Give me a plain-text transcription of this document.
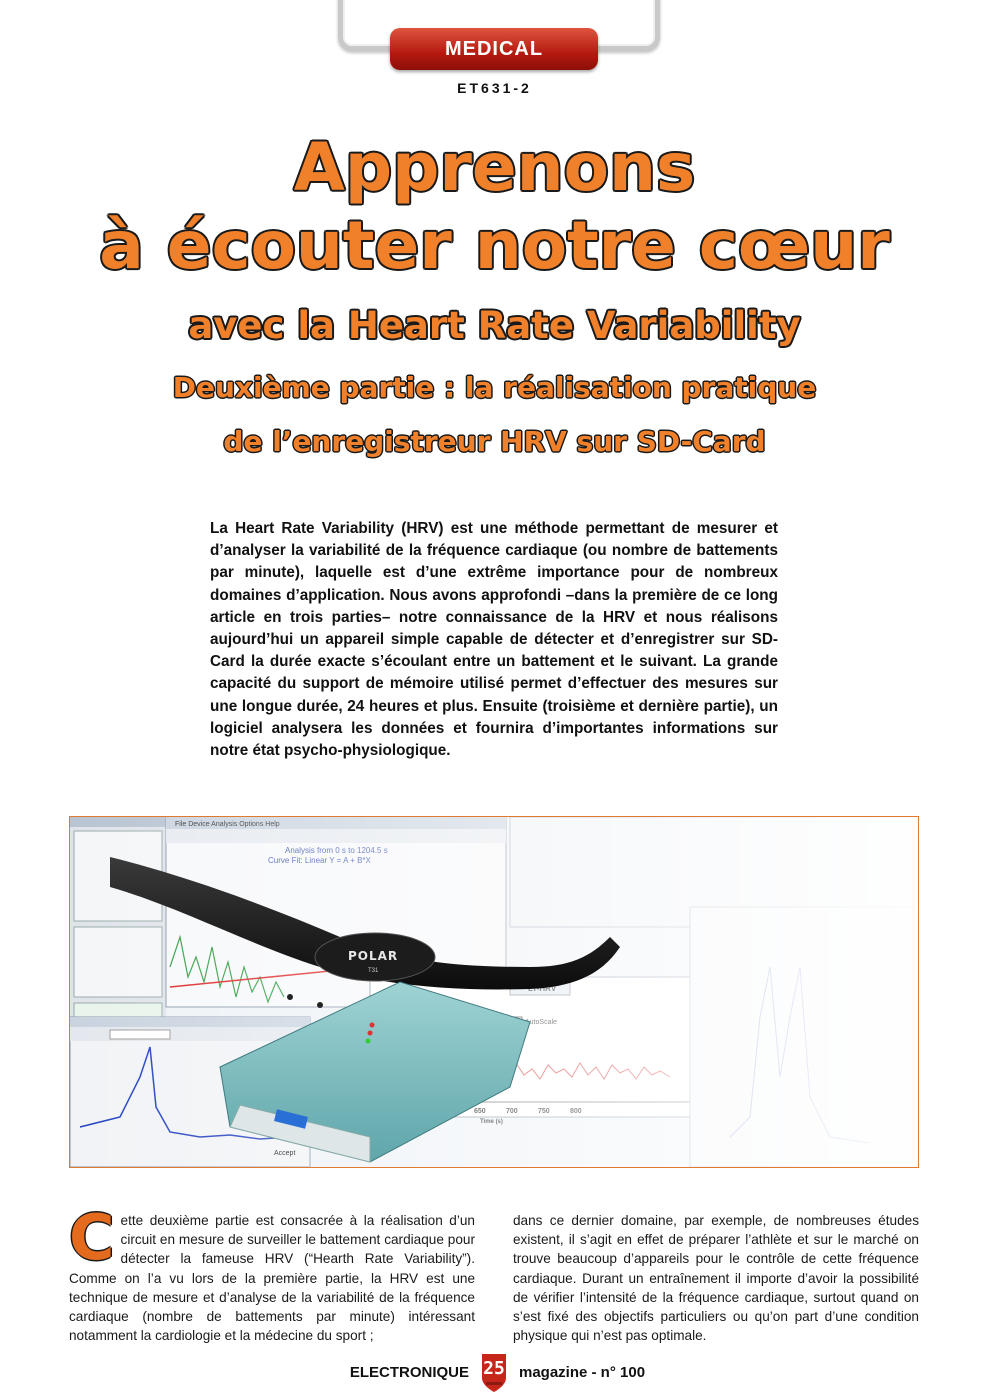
MEDICAL
ET631-2
Apprenons
à écouter notre cœur
avec la Heart Rate Variability
Deuxième partie : la réalisation pratique
de l’enregistreur HRV sur SD-Card
La Heart Rate Variability (HRV) est une méthode permettant de mesurer et d’analyser la variabilité de la fréquence cardiaque (ou nombre de battements par minute), laquelle est d’une extrême importance pour de nombreux domaines d’application. Nous avons approfondi –dans la première de ce long article en trois parties– notre connaissance de la HRV et nous réalisons aujourd’hui un appareil simple capable de détecter et d’enregistrer sur SD-Card la durée exacte s’écoulant entre un battement et le suivant. La grande capacité du support de mémoire utilisé permet d’effectuer des mesures sur une longue durée, 24 heures et plus. Ensuite (troisième et dernière partie), un logiciel analysera les données et fournira d’importantes informations sur notre état psycho-physiologique.
POLAR
T31
Cette deuxième partie est consacrée à la réalisation d’un circuit en mesure de surveiller le battement cardiaque pour détecter la fameuse HRV (“Hearth Rate Variability”). Comme on l’a vu lors de la première partie, la HRV est une technique de mesure et d’analyse de la variabilité de la fréquence cardiaque (nombre de battements par minute) intéressant notamment la cardiologie et la médecine du sport ;
dans ce dernier domaine, par exemple, de nombreuses études existent, il s’agit en effet de préparer l’athlète et sur le marché on trouve beaucoup d’appareils pour le contrôle de cette fréquence cardiaque. Durant un entraînement il importe d’avoir la possibilité de vérifier l’intensité de la fréquence cardiaque, surtout quand on s’est fixé des objectifs particuliers ou qu’on part d’une condition physique qui n’est pas optimale.
ELECTRONIQUE 25 magazine - n° 100
